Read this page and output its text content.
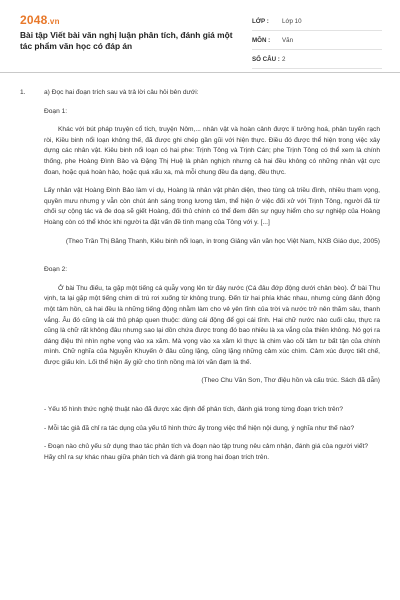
2048.vn
Bài tập Viết bài văn nghị luận phân tích, đánh giá một tác phẩm văn học có đáp án
LỚP :	Lớp 10
MÔN :	Văn
SỐ CÂU : 2
1.	a) Đọc hai đoạn trích sau và trả lời câu hỏi bên dưới:

Đoạn 1:

Khác với bút pháp truyện cổ tích, truyện Nôm,... nhân vật và hoàn cảnh được lí tưởng hoá, phân tuyến rạch ròi, Kiều binh nổi loạn không thế, đã được ghi chép gần gũi với hiện thực. Điều đó được thể hiện trong việc xây dựng các nhân vật. Kiêu binh nổi loạn có hai phe: Trịnh Tông và Trịnh Cán; phe Trịnh Tông có thể xem là chính thống, phe Hoàng Đình Bảo và Đặng Thị Huệ là phản nghịch nhưng cả hai đều không có những nhân vật cực đoan, hoặc quá hoàn hảo, hoặc quá xấu xa, mà mỗi chung đều đa dạng, đều thực.

Lấy nhân vật Hoàng Đình Bảo làm ví dụ, Hoàng là nhân vật phản diện, theo tùng cả triều đình, nhiều tham vọng, quyền mưu nhưng y vẫn còn chút ánh sáng trong lương tâm, thể hiện ở việc đối xử với Trịnh Tông, người đã từ chối sự cộng tác và đe doạ sẽ giết Hoàng, đối thủ chính có thể đem đến sự nguy hiểm cho sự nghiệp của Hoàng Hoàng còn có thể khóc khi người ta đặt vấn đề tình mạng của Tông với y. [...]

(Theo Trần Thị Băng Thanh, Kiêu binh nổi loạn, in trong Giảng văn văn học Việt Nam, NXB Giáo dục, 2005)

Đoạn 2:

Ở bài Thu điếu, ta gặp một tiếng cá quẫy vọng lên từ đáy nước (Cá đâu đớp động dưới chân bèo). Ở bài Thu vịnh, ta lại gặp một tiếng chim di trú rơi xuống từ không trung. Đến từ hai phía khác nhau, nhưng cùng đánh động một tâm hồn, cả hai đều là những tiếng động nhằm làm cho vẻ yên tĩnh của trời và nước trở nên thăm sâu, thanh vắng. Âu đó cũng là cái thủ pháp quen thuộc: dùng cái động để gọi cái tĩnh. Hai chữ nước nào cuối câu, thực ra cũng là chữ rất không đâu nhưng sao lại dồn chứa được trong đó bao nhiêu là xa vắng của thiên không. Nó gợi ra dáng điệu thì nhìn nghe vọng vào xa xăm. Mà vọng vào xa xăm kì thực là chim vào cõi tâm tư bất tận của chính mình. Chữ nghĩa của Nguyễn Khuyến ở đâu cũng lặng, cũng lặng những cảm xúc chìm. Cảm xúc được tiết chế, được giấu kín. Lối thể hiện ấy giữ cho tình nồng mà lời văn đạm là thế.

(Theo Chu Văn Sơn, Thơ điệu hồn và cấu trúc. Sách đã dẫn)

- Yếu tố hình thức nghệ thuật nào đã được xác định để phân tích, đánh giá trong từng đoạn trích trên?

- Mỗi tác giả đã chỉ ra tác dụng của yếu tố hình thức ấy trong việc thể hiện nội dung, ý nghĩa như thế nào?

- Đoạn nào chủ yếu sử dụng thao tác phân tích và đoạn nào tập trung nêu cảm nhận, đánh giá của người viết? Hãy chỉ ra sự khác nhau giữa phân tích và đánh giá trong hai đoạn trích trên.
